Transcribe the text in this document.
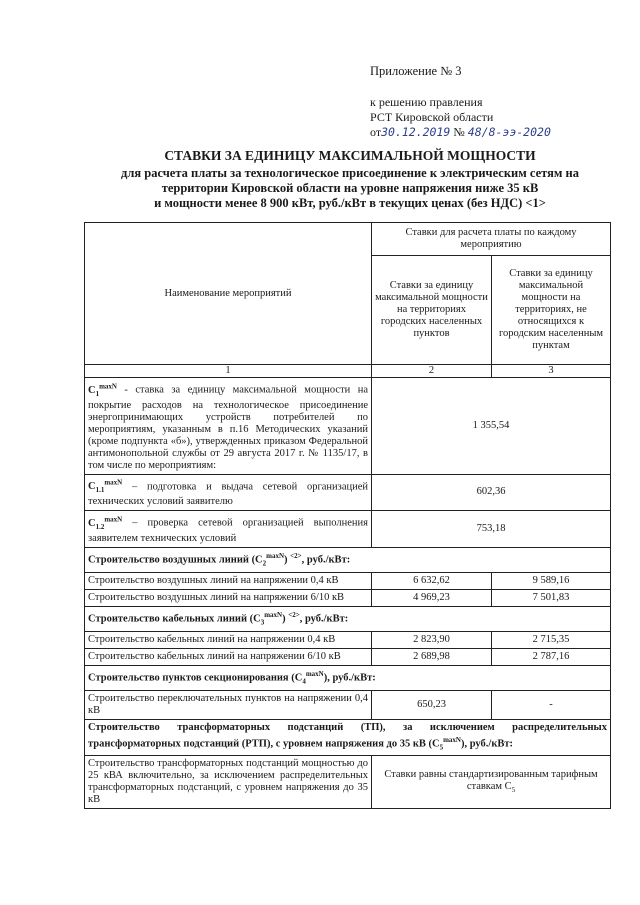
Приложение № 3
к решению правления
РСТ Кировской области
от30.12.2019 № 48/8-ээ-2020
СТАВКИ ЗА ЕДИНИЦУ МАКСИМАЛЬНОЙ МОЩНОСТИ
для расчета платы за технологическое присоединение к электрическим сетям на
территории Кировской области на уровне напряжения ниже 35 кВ
и мощности менее 8 900 кВт, руб./кВт в текущих ценах (без НДС) <1>
Наименование мероприятий	Ставки для расчета платы по каждому мероприятию	
	Ставки за единицу максимальной мощности на территориях городских населенных пунктов	Ставки за единицу максимальной мощности на территориях, не относящихся к городским населенным пунктам
1	2	3
$C_1^{maxN}$ - ставка за единицу максимальной мощности на покрытие расходов на технологическое присоединение энергопринимающих устройств потребителей по мероприятиям, указанным в п.16 Методических указаний (кроме подпункта «б»), утвержденных приказом Федеральной антимонопольной службы от 29 августа 2017 г. № 1135/17, в том числе по мероприятиям:	1 355,54	
$C_{1.1}^{maxN}$ – подготовка и выдача сетевой организацией технических условий заявителю	602,36	
$C_{1.2}^{maxN}$ – проверка сетевой организацией выполнения заявителем технических условий	753,18	
Строительство воздушных линий $(C_2^{maxN})$ $^{<2>}$, руб./кВт:		
Строительство воздушных линий на напряжении 0,4 кВ	6 632,62	9 589,16
Строительство воздушных линий на напряжении 6/10 кВ	4 969,23	7 501,83
Строительство кабельных линий $(C_3^{maxN})$ $^{<2>}$, руб./кВт:		
Строительство кабельных линий на напряжении 0,4 кВ	2 823,90	2 715,35
Строительство кабельных линий на напряжении 6/10 кВ	2 689,98	2 787,16
Строительство пунктов секционирования $(C_4^{maxN})$, руб./кВт:		
Строительство переключательных пунктов на напряжении 0,4 кВ	650,23	-
Строительство трансформаторных подстанций (ТП), за исключением распределительных трансформаторных подстанций (РТП), с уровнем напряжения до 35 кВ $(C_5^{maxN})$, руб./кВт:		
Строительство трансформаторных подстанций мощностью до 25 кВА включительно, за исключением распределительных трансформаторных подстанций, с уровнем напряжения до 35 кВ	Ставки равны стандартизированным тарифным ставкам $C_5$
